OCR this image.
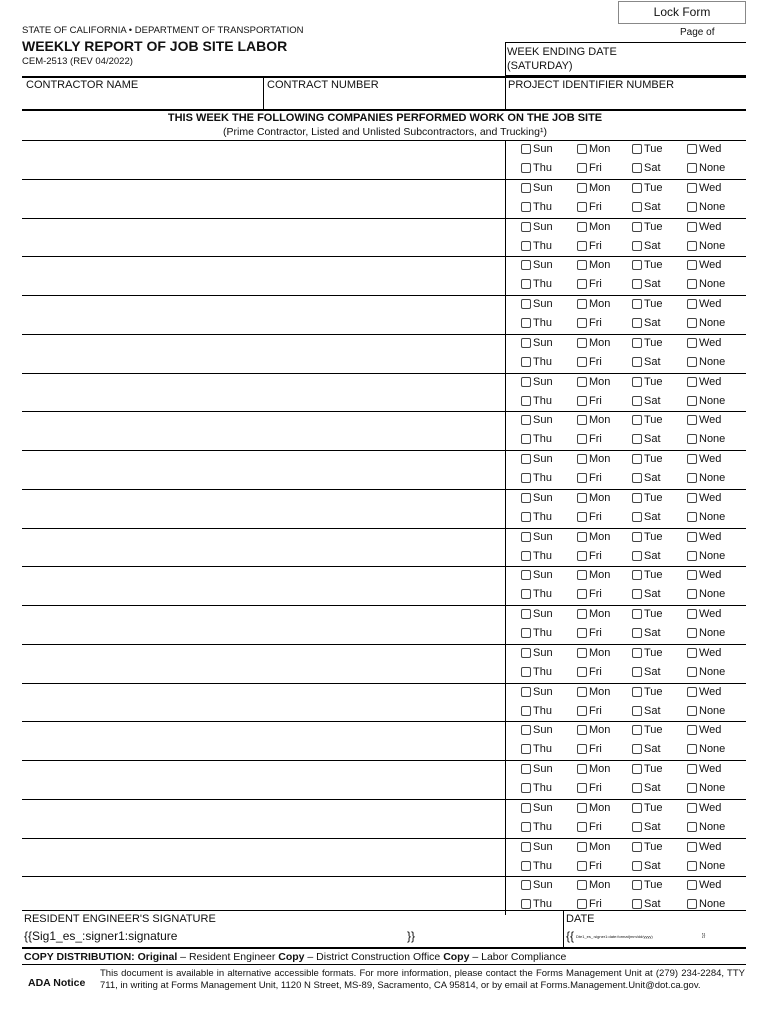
Lock Form
STATE OF CALIFORNIA • DEPARTMENT OF TRANSPORTATION
WEEKLY REPORT OF JOB SITE LABOR
CEM-2513 (REV 04/2022)
Page of
WEEK ENDING DATE
(SATURDAY)
CONTRACTOR NAME	CONTRACT NUMBER	PROJECT IDENTIFIER NUMBER
THIS WEEK THE FOLLOWING COMPANIES PERFORMED WORK ON THE JOB SITE
(Prime Contractor, Listed and Unlisted Subcontractors, and Trucking¹)
Sun	Mon	Tue	Wed
Thu	Fri	Sat	None
Sun	Mon	Tue	Wed
Thu	Fri	Sat	None
Sun	Mon	Tue	Wed
Thu	Fri	Sat	None
Sun	Mon	Tue	Wed
Thu	Fri	Sat	None
Sun	Mon	Tue	Wed
Thu	Fri	Sat	None
Sun	Mon	Tue	Wed
Thu	Fri	Sat	None
Sun	Mon	Tue	Wed
Thu	Fri	Sat	None
Sun	Mon	Tue	Wed
Thu	Fri	Sat	None
Sun	Mon	Tue	Wed
Thu	Fri	Sat	None
Sun	Mon	Tue	Wed
Thu	Fri	Sat	None
Sun	Mon	Tue	Wed
Thu	Fri	Sat	None
Sun	Mon	Tue	Wed
Thu	Fri	Sat	None
Sun	Mon	Tue	Wed
Thu	Fri	Sat	None
Sun	Mon	Tue	Wed
Thu	Fri	Sat	None
Sun	Mon	Tue	Wed
Thu	Fri	Sat	None
Sun	Mon	Tue	Wed
Thu	Fri	Sat	None
Sun	Mon	Tue	Wed
Thu	Fri	Sat	None
Sun	Mon	Tue	Wed
Thu	Fri	Sat	None
Sun	Mon	Tue	Wed
Thu	Fri	Sat	None
Sun	Mon	Tue	Wed
Thu	Fri	Sat	None
RESIDENT ENGINEER'S SIGNATURE
{{Sig1_es_:signer1:signature	}}
DATE
{{ Dte1_es_:signer1:date:format(mm/dd/yyyy)	}}
COPY DISTRIBUTION: Original – Resident Engineer Copy – District Construction Office Copy – Labor Compliance
ADA Notice
This document is available in alternative accessible formats. For more information, please contact the Forms Management Unit at (279) 234-2284, TTY 711, in writing at Forms Management Unit, 1120 N Street, MS-89, Sacramento, CA 95814, or by email at Forms.Management.Unit@dot.ca.gov.
